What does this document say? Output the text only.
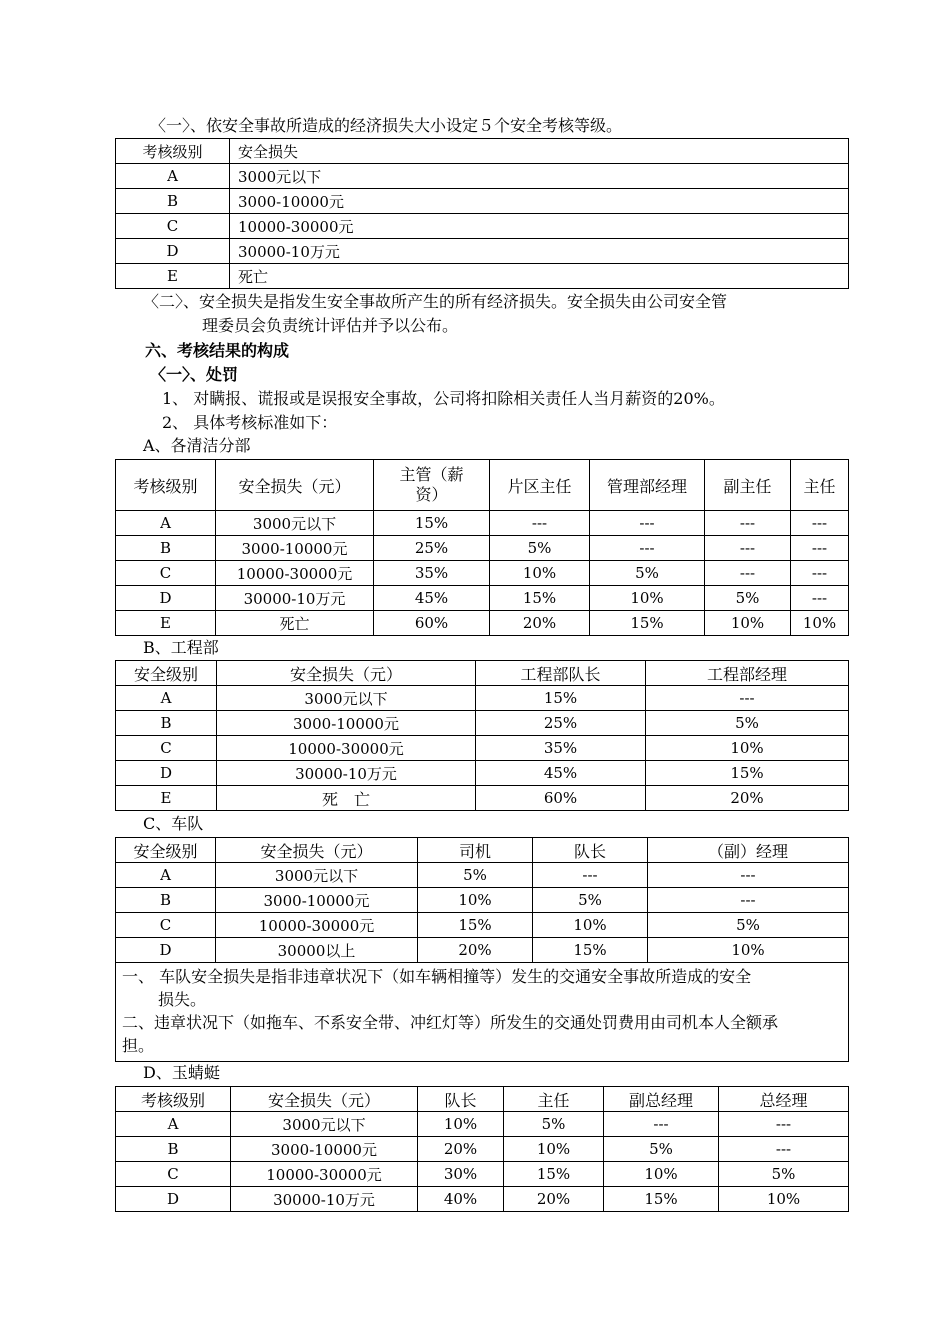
〈一〉、依安全事故所造成的经济损失大小设定５个安全考核等级。
考核级别	安全损失
A	3000元以下
B	3000-10000元
C	10000-30000元
D	30000-10万元
E	死亡
〈二〉、安全损失是指发生安全事故所产生的所有经济损失。安全损失由公司安全管
理委员会负责统计评估并予以公布。
六、考核结果的构成
〈一〉、处罚
1、 对瞒报、谎报或是误报安全事故，公司将扣除相关责任人当月薪资的20%。
2、 具体考核标准如下：
A、各清洁分部
考核级别	安全损失（元）	主管（薪资）	片区主任	管理部经理	副主任	主任
A	3000元以下	15%	---	---	---	---
B	3000-10000元	25%	5%	---	---	---
C	10000-30000元	35%	10%	5%	---	---
D	30000-10万元	45%	15%	10%	5%	---
E	死亡	60%	20%	15%	10%	10%
B、工程部
安全级别	安全损失（元）	工程部队长	工程部经理
A	3000元以下	15%	---
B	3000-10000元	25%	5%
C	10000-30000元	35%	10%
D	30000-10万元	45%	15%
E	死　亡	60%	20%
C、车队
安全级别	安全损失（元）	司机	队长	（副）经理
A	3000元以下	5%	---	---
B	3000-10000元	10%	5%	---
C	10000-30000元	15%	10%	5%
D	30000以上	20%	15%	10%

一、 车队安全损失是指非违章状况下（如车辆相撞等）发生的交通安全事故所造成的安全
损失。
二、违章状况下（如拖车、不系安全带、冲红灯等）所发生的交通处罚费用由司机本人全额承
担。				
D、玉蜻蜓
考核级别	安全损失（元）	队长	主任	副总经理	总经理
A	3000元以下	10%	5%	---	---
B	3000-10000元	20%	10%	5%	---
C	10000-30000元	30%	15%	10%	5%
D	30000-10万元	40%	20%	15%	10%
